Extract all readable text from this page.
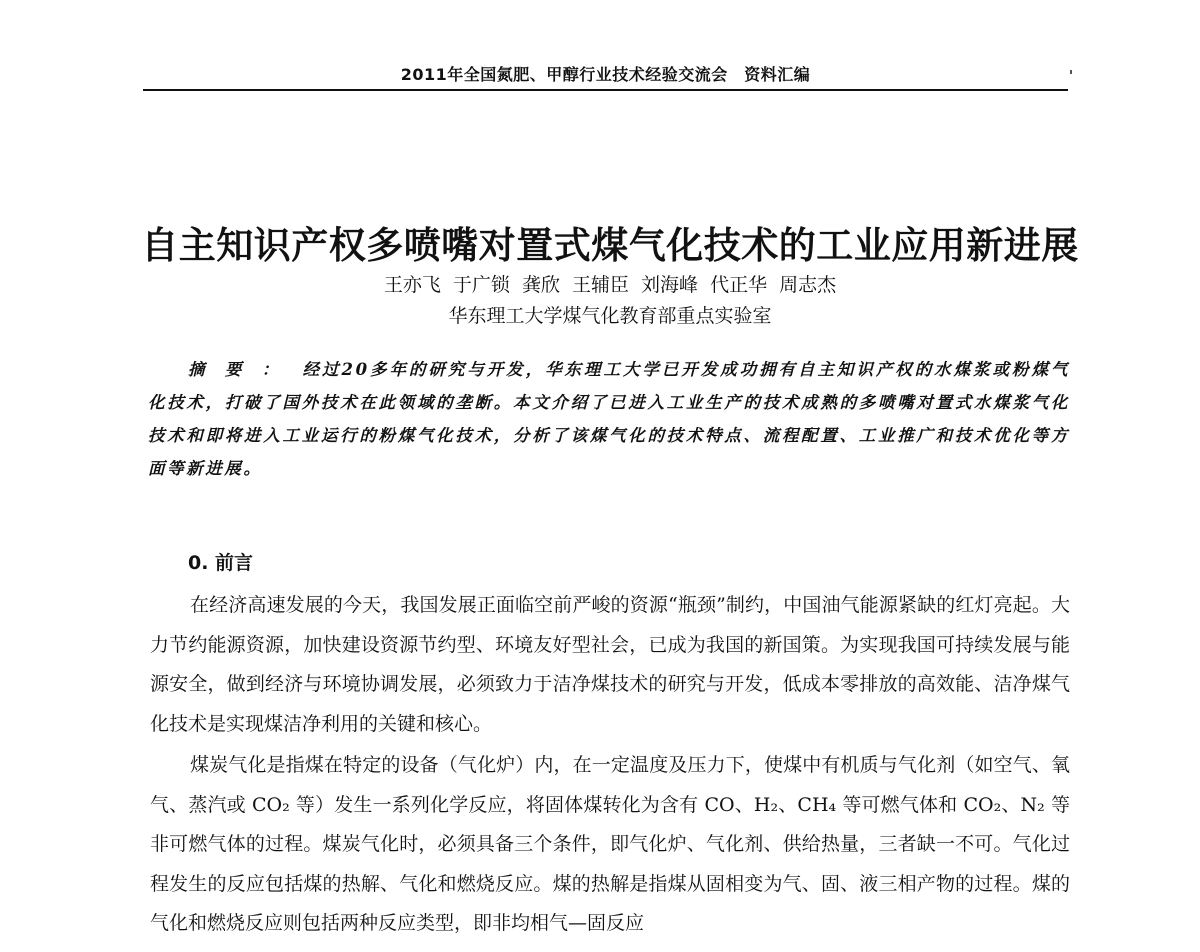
2011年全国氮肥、甲醇行业技术经验交流会　资料汇编
自主知识产权多喷嘴对置式煤气化技术的工业应用新进展
王亦飞 于广锁 龚欣 王辅臣 刘海峰 代正华 周志杰
华东理工大学煤气化教育部重点实验室
摘要： 经过20多年的研究与开发，华东理工大学已开发成功拥有自主知识产权的水煤浆或粉煤气化技术，打破了国外技术在此领域的垄断。本文介绍了已进入工业生产的技术成熟的多喷嘴对置式水煤浆气化技术和即将进入工业运行的粉煤气化技术，分析了该煤气化的技术特点、流程配置、工业推广和技术优化等方面等新进展。
0. 前言

在经济高速发展的今天，我国发展正面临空前严峻的资源“瓶颈”制约，中国油气能源紧缺的红灯亮起。大力节约能源资源，加快建设资源节约型、环境友好型社会，已成为我国的新国策。为实现我国可持续发展与能源安全，做到经济与环境协调发展，必须致力于洁净煤技术的研究与开发，低成本零排放的高效能、洁净煤气化技术是实现煤洁净利用的关键和核心。

煤炭气化是指煤在特定的设备（气化炉）内，在一定温度及压力下，使煤中有机质与气化剂（如空气、氧气、蒸汽或 CO₂ 等）发生一系列化学反应，将固体煤转化为含有 CO、H₂、CH₄ 等可燃气体和 CO₂、N₂ 等非可燃气体的过程。煤炭气化时，必须具备三个条件，即气化炉、气化剂、供给热量，三者缺一不可。气化过程发生的反应包括煤的热解、气化和燃烧反应。煤的热解是指煤从固相变为气、固、液三相产物的过程。煤的气化和燃烧反应则包括两种反应类型，即非均相气—固反应
